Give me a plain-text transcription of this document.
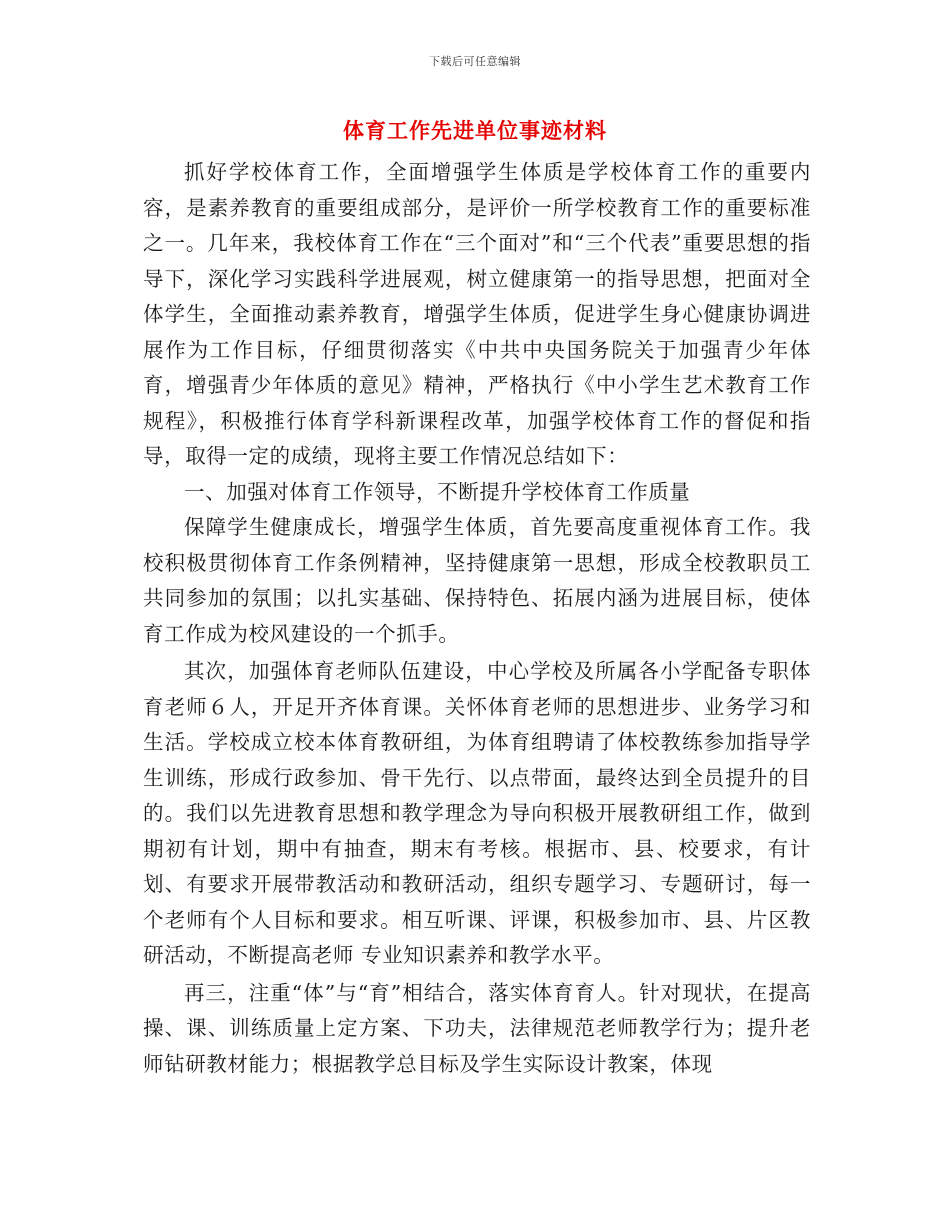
下载后可任意编辑
体育工作先进单位事迹材料

抓好学校体育工作，全面增强学生体质是学校体育工作的重要内容，是素养教育的重要组成部分，是评价一所学校教育工作的重要标准之一。几年来，我校体育工作在“三个面对”和“三个代表”重要思想的指导下，深化学习实践科学进展观，树立健康第一的指导思想，把面对全体学生，全面推动素养教育，增强学生体质，促进学生身心健康协调进展作为工作目标，仔细贯彻落实《中共中央国务院关于加强青少年体育，增强青少年体质的意见》精神，严格执行《中小学生艺术教育工作规程》，积极推行体育学科新课程改革，加强学校体育工作的督促和指导，取得一定的成绩，现将主要工作情况总结如下：

一、加强对体育工作领导，不断提升学校体育工作质量

保障学生健康成长，增强学生体质，首先要高度重视体育工作。我校积极贯彻体育工作条例精神，坚持健康第一思想，形成全校教职员工共同参加的氛围；以扎实基础、保持特色、拓展内涵为进展目标，使体育工作成为校风建设的一个抓手。

其次，加强体育老师队伍建设，中心学校及所属各小学配备专职体育老师６人，开足开齐体育课。关怀体育老师的思想进步、业务学习和生活。学校成立校本体育教研组，为体育组聘请了体校教练参加指导学生训练，形成行政参加、骨干先行、以点带面，最终达到全员提升的目的。我们以先进教育思想和教学理念为导向积极开展教研组工作，做到期初有计划，期中有抽查，期末有考核。根据市、县、校要求，有计划、有要求开展带教活动和教研活动，组织专题学习、专题研讨，每一个老师有个人目标和要求。相互听课、评课，积极参加市、县、片区教研活动，不断提高老师 专业知识素养和教学水平。

再三，注重“体”与“育”相结合，落实体育育人。针对现状，在提高操、课、训练质量上定方案、下功夫，法律规范老师教学行为；提升老师钻研教材能力；根据教学总目标及学生实际设计教案，体现
